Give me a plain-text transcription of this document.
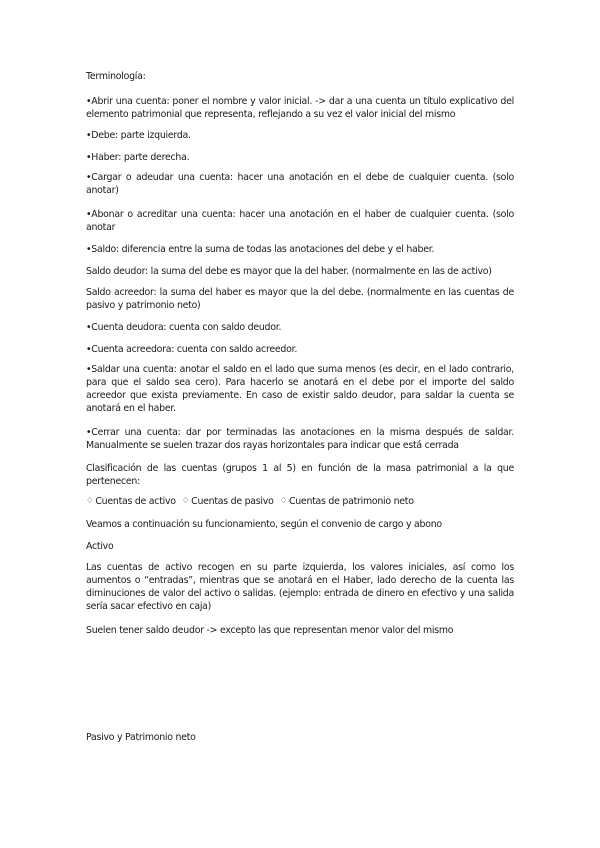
Terminología:

•Abrir una cuenta: poner el nombre y valor inicial. -> dar a una cuenta un título explicativo del elemento patrimonial que representa, reflejando a su vez el valor inicial del mismo

•Debe: parte izquierda.

•Haber: parte derecha.

•Cargar o adeudar una cuenta: hacer una anotación en el debe de cualquier cuenta. (solo anotar)

•Abonar o acreditar una cuenta: hacer una anotación en el haber de cualquier cuenta. (solo anotar

•Saldo: diferencia entre la suma de todas las anotaciones del debe y el haber.

Saldo deudor: la suma del debe es mayor que la del haber. (normalmente en las de activo)

Saldo acreedor: la suma del haber es mayor que la del debe. (normalmente en las cuentas de pasivo y patrimonio neto)

•Cuenta deudora: cuenta con saldo deudor.

•Cuenta acreedora: cuenta con saldo acreedor.

•Saldar una cuenta: anotar el saldo en el lado que suma menos (es decir, en el lado contrario, para que el saldo sea cero). Para hacerlo se anotará en el debe por el importe del saldo acreedor que exista previamente. En caso de existir saldo deudor, para saldar la cuenta se anotará en el haber.

•Cerrar una cuenta: dar por terminadas las anotaciones en la misma después de saldar. Manualmente se suelen trazar dos rayas horizontales para indicar que está cerrada

Clasificación de las cuentas (grupos 1 al 5) en función de la masa patrimonial a la que pertenecen:

♢ Cuentas de activo ♢ Cuentas de pasivo ♢ Cuentas de patrimonio neto

Veamos a continuación su funcionamiento, según el convenio de cargo y abono

Activo

Las cuentas de activo recogen en su parte izquierda, los valores iniciales, así como los aumentos o “entradas”, mientras que se anotará en el Haber, lado derecho de la cuenta las diminuciones de valor del activo o salidas. (ejemplo: entrada de dinero en efectivo y una salida sería sacar efectivo en caja)

Suelen tener saldo deudor -> excepto las que representan menor valor del mismo

Pasivo y Patrimonio neto
